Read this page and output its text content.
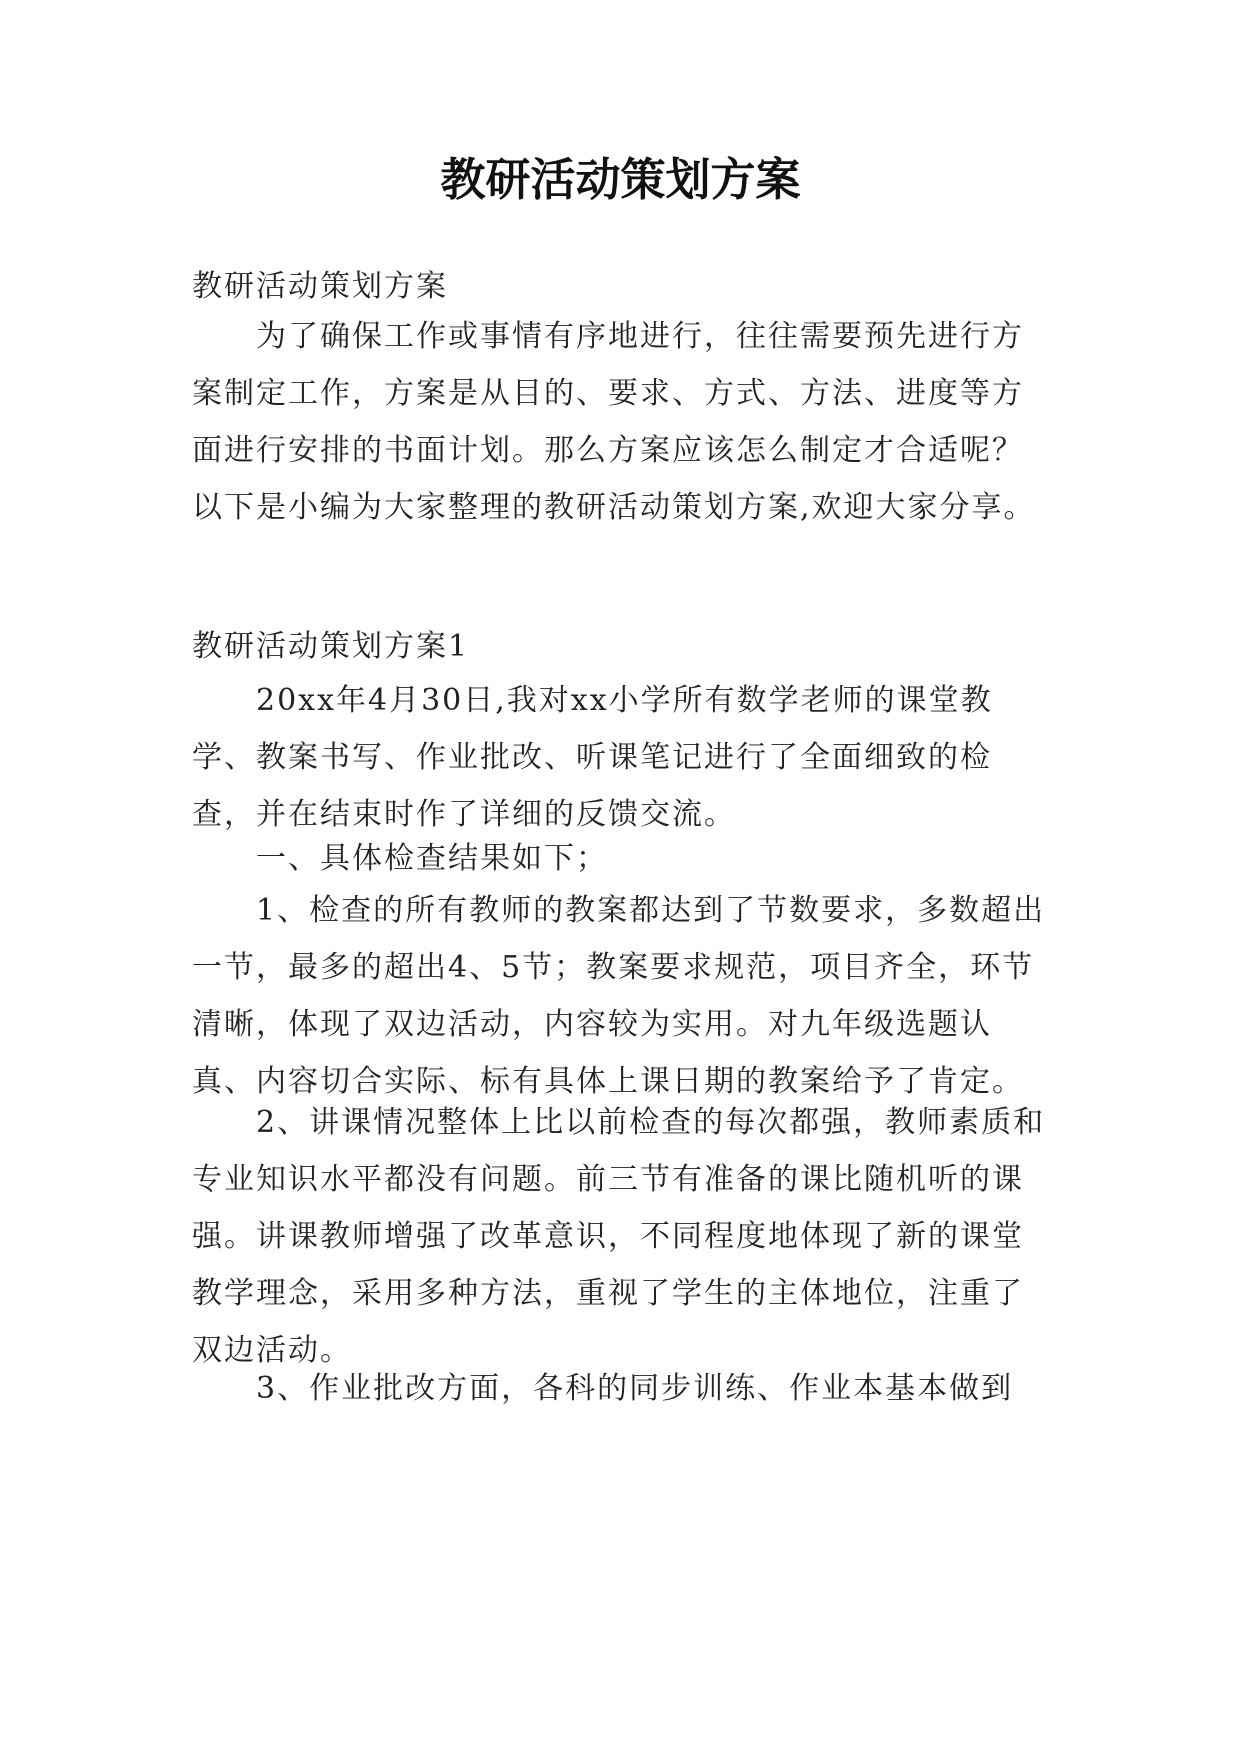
教研活动策划方案

教研活动策划方案

为了确保工作或事情有序地进行，往往需要预先进行方案制定工作，方案是从目的、要求、方式、方法、进度等方面进行安排的书面计划。那么方案应该怎么制定才合适呢？以下是小编为大家整理的教研活动策划方案,欢迎大家分享。

教研活动策划方案1

20xx年4月30日,我对xx小学所有数学老师的课堂教学、教案书写、作业批改、听课笔记进行了全面细致的检查，并在结束时作了详细的反馈交流。

一、具体检查结果如下；

1、检查的所有教师的教案都达到了节数要求，多数超出一节，最多的超出4、5节；教案要求规范，项目齐全，环节清晰，体现了双边活动，内容较为实用。对九年级选题认真、内容切合实际、标有具体上课日期的教案给予了肯定。

2、讲课情况整体上比以前检查的每次都强，教师素质和专业知识水平都没有问题。前三节有准备的课比随机听的课强。讲课教师增强了改革意识，不同程度地体现了新的课堂教学理念，采用多种方法，重视了学生的主体地位，注重了双边活动。

3、作业批改方面，各科的同步训练、作业本基本做到
